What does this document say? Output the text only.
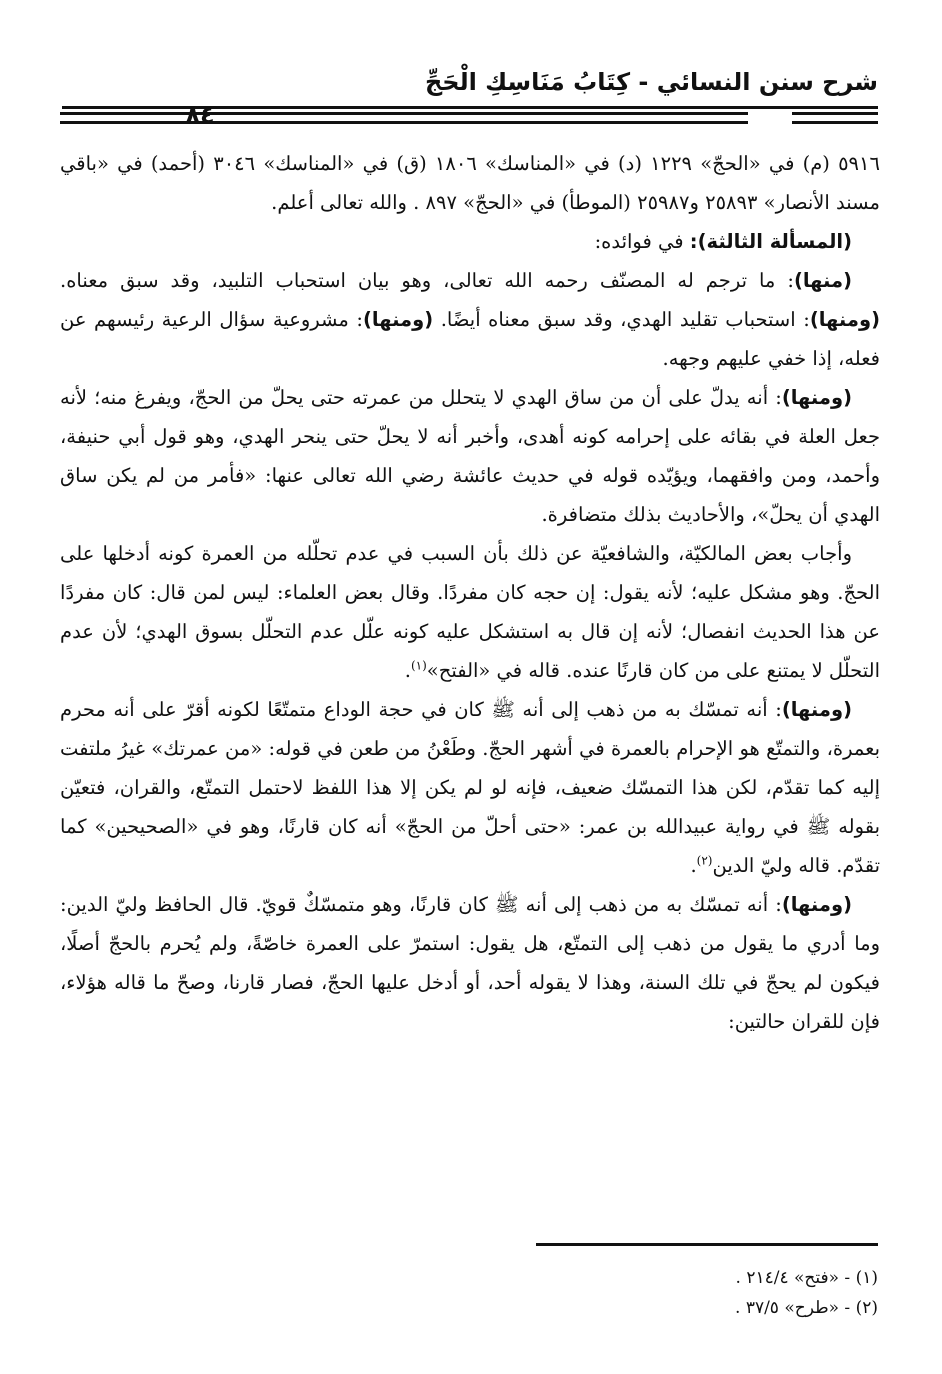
شرح سنن النسائي - كِتَابُ مَنَاسِكِ الْحَجِّ
٨٤

٥٩١٦ (م) في «الحجّ» ١٢٢٩ (د) في «المناسك» ١٨٠٦ (ق) في «المناسك» ٣٠٤٦ (أحمد) في «باقي مسند الأنصار» ٢٥٨٩٣ و٢٥٩٨٧ (الموطأ) في «الحجّ» ٨٩٧ . والله تعالى أعلم.

(المسألة الثالثة): في فوائده:

(منها): ما ترجم له المصنّف رحمه الله تعالى، وهو بيان استحباب التلبيد، وقد سبق معناه. (ومنها): استحباب تقليد الهدي، وقد سبق معناه أيضًا. (ومنها): مشروعية سؤال الرعية رئيسهم عن فعله، إذا خفي عليهم وجهه.

(ومنها): أنه يدلّ على أن من ساق الهدي لا يتحلل من عمرته حتى يحلّ من الحجّ، ويفرغ منه؛ لأنه جعل العلة في بقائه على إحرامه كونه أهدى، وأخبر أنه لا يحلّ حتى ينحر الهدي، وهو قول أبي حنيفة، وأحمد، ومن وافقهما، ويؤيّده قوله في حديث عائشة رضي الله تعالى عنها: «فأمر من لم يكن ساق الهدي أن يحلّ»، والأحاديث بذلك متضافرة.

وأجاب بعض المالكيّة، والشافعيّة عن ذلك بأن السبب في عدم تحلّله من العمرة كونه أدخلها على الحجّ. وهو مشكل عليه؛ لأنه يقول: إن حجه كان مفردًا. وقال بعض العلماء: ليس لمن قال: كان مفردًا عن هذا الحديث انفصال؛ لأنه إن قال به استشكل عليه كونه علّل عدم التحلّل بسوق الهدي؛ لأن عدم التحلّل لا يمتنع على من كان قارنًا عنده. قاله في «الفتح»$^{(١)}$.

(ومنها): أنه تمسّك به من ذهب إلى أنه ﷺ كان في حجة الوداع متمتّعًا لكونه أقرّ على أنه محرم بعمرة، والتمتّع هو الإحرام بالعمرة في أشهر الحجّ. وطَعْنُ من طعن في قوله: «من عمرتك» غيرُ ملتفت إليه كما تقدّم، لكن هذا التمسّك ضعيف، فإنه لو لم يكن إلا هذا اللفظ لاحتمل التمتّع، والقران، فتعيّن بقوله ﷺ في رواية عبيدالله بن عمر: «حتى أحلّ من الحجّ» أنه كان قارنًا، وهو في «الصحيحين» كما تقدّم. قاله وليّ الدين$^{(٢)}$.

(ومنها): أنه تمسّك به من ذهب إلى أنه ﷺ كان قارنًا، وهو متمسّكٌ قويّ. قال الحافظ وليّ الدين: وما أدري ما يقول من ذهب إلى التمتّع، هل يقول: استمرّ على العمرة خاصّةً، ولم يُحرم بالحجّ أصلًا، فيكون لم يحجّ في تلك السنة، وهذا لا يقوله أحد، أو أدخل عليها الحجّ، فصار قارنا، وصحّ ما قاله هؤلاء، فإن للقران حالتين:

(١) - «فتح» ٢١٤/٤ .

(٢) - «طرح» ٣٧/٥ .
